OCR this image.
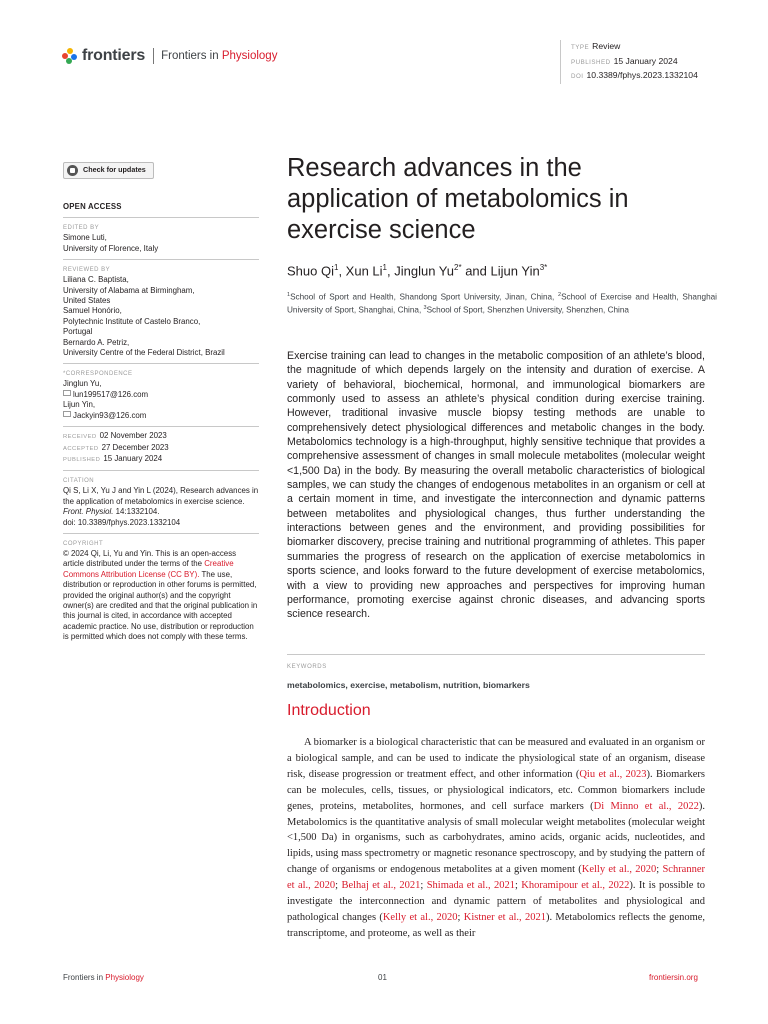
frontiers Frontiers in Physiology
TYPE Review
PUBLISHED 15 January 2024
DOI 10.3389/fphys.2023.1332104
Check for updates
OPEN ACCESS
EDITED BY
Simone Luti,
University of Florence, Italy
REVIEWED BY
Liliana C. Baptista,
University of Alabama at Birmingham,
United States
Samuel Honório,
Polytechnic Institute of Castelo Branco,
Portugal
Bernardo A. Petriz,
University Centre of the Federal District, Brazil
*CORRESPONDENCE
Jinglun Yu,
lun199517@126.com
Lijun Yin,
Jackyin93@126.com
RECEIVED 02 November 2023
ACCEPTED 27 December 2023
PUBLISHED 15 January 2024
CITATION
Qi S, Li X, Yu J and Yin L (2024), Research advances in the application of metabolomics in exercise science.
Front. Physiol. 14:1332104.
doi: 10.3389/fphys.2023.1332104
COPYRIGHT
© 2024 Qi, Li, Yu and Yin. This is an open-access article distributed under the terms of the Creative Commons Attribution License (CC BY). The use, distribution or reproduction in other forums is permitted, provided the original author(s) and the copyright owner(s) are credited and that the original publication in this journal is cited, in accordance with accepted academic practice. No use, distribution or reproduction is permitted which does not comply with these terms.
Research advances in the application of metabolomics in exercise science
Shuo Qi$^1$, Xun Li$^1$, Jinglun $Yu^{2*}$ and Lijun Yin$^{3*}$
$^1$School of Sport and Health, Shandong Sport University, Jinan, China, $^2$School of Exercise and Health, Shanghai University of Sport, Shanghai, China, $^3$School of Sport, Shenzhen University, Shenzhen, China
Exercise training can lead to changes in the metabolic composition of an athlete’s blood, the magnitude of which depends largely on the intensity and duration of exercise. A variety of behavioral, biochemical, hormonal, and immunological biomarkers are commonly used to assess an athlete’s physical condition during exercise training. However, traditional invasive muscle biopsy testing methods are unable to comprehensively detect physiological differences and metabolic changes in the body. Metabolomics technology is a high-throughput, highly sensitive technique that provides a comprehensive assessment of changes in small molecule metabolites (molecular weight <1,500 Da) in the body. By measuring the overall metabolic characteristics of biological samples, we can study the changes of endogenous metabolites in an organism or cell at a certain moment in time, and investigate the interconnection and dynamic patterns between metabolites and physiological changes, thus further understanding the interactions between genes and the environment, and providing possibilities for biomarker discovery, precise training and nutritional programming of athletes. This paper summaries the progress of research on the application of exercise metabolomics in sports science, and looks forward to the future development of exercise metabolomics, with a view to providing new approaches and perspectives for improving human performance, promoting exercise against chronic diseases, and advancing sports science research.
KEYWORDS
metabolomics, exercise, metabolism, nutrition, biomarkers
Introduction
A biomarker is a biological characteristic that can be measured and evaluated in an organism or a biological sample, and can be used to indicate the physiological state of an organism, disease risk, disease progression or treatment effect, and other information (Qiu et al., 2023). Biomarkers can be molecules, cells, tissues, or physiological indicators, etc. Common biomarkers include genes, proteins, metabolites, hormones, and cell surface markers (Di Minno et al., 2022). Metabolomics is the quantitative analysis of small molecular weight metabolites (molecular weight <1,500 Da) in organisms, such as carbohydrates, amino acids, organic acids, nucleotides, and lipids, using mass spectrometry or magnetic resonance spectroscopy, and by studying the pattern of change of organisms or endogenous metabolites at a given moment (Kelly et al., 2020; Schranner et al., 2020; Belhaj et al., 2021; Shimada et al., 2021; Khoramipour et al., 2022). It is possible to investigate the interconnection and dynamic pattern of metabolites and physiological and pathological changes (Kelly et al., 2020; Kistner et al., 2021). Metabolomics reflects the genome, transcriptome, and proteome, as well as their
Frontiers in Physiology	01	frontiersin.org
